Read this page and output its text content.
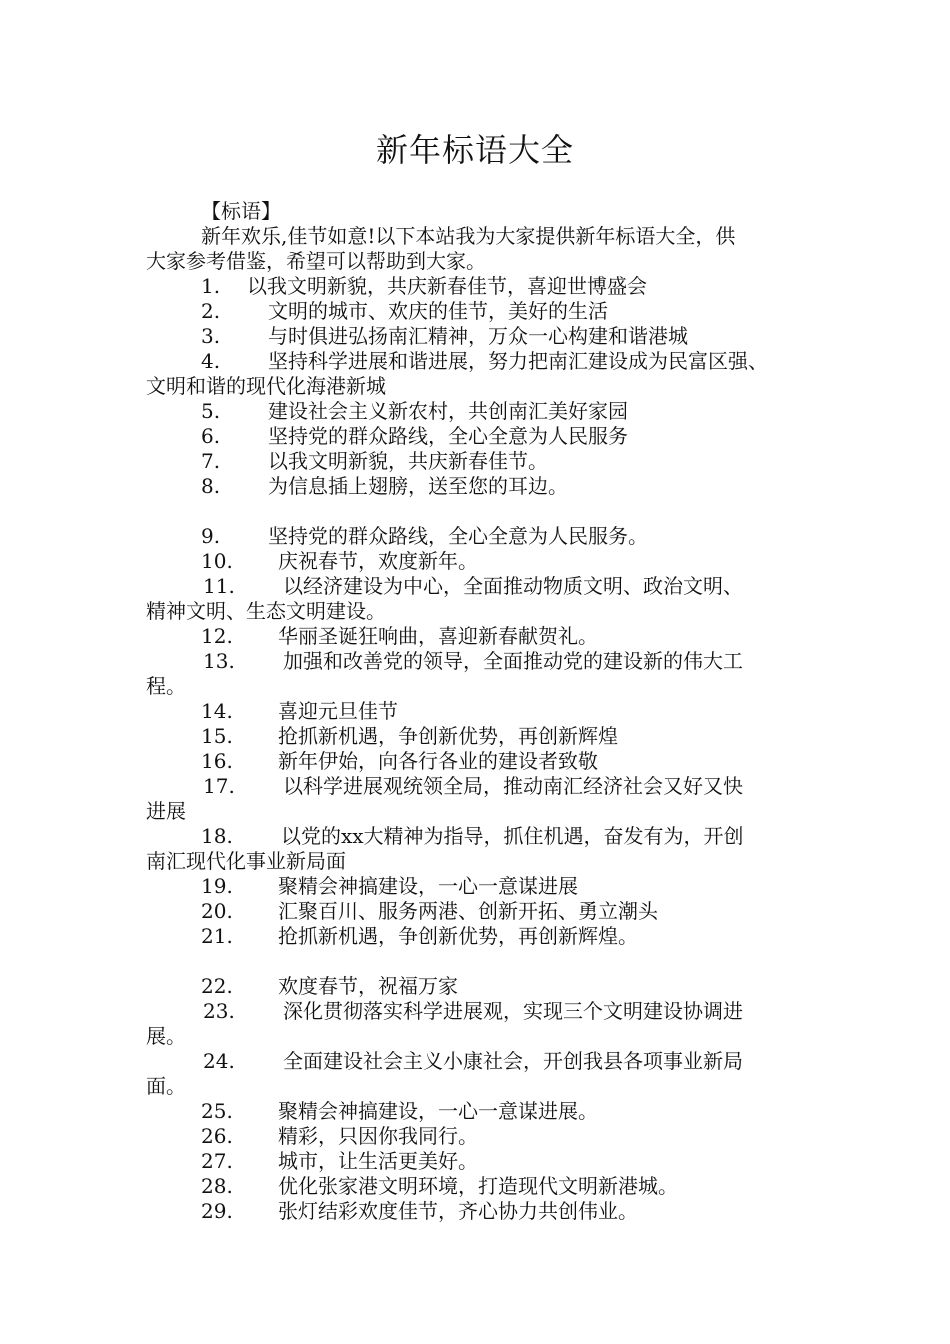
新年标语大全
【标语】
新年欢乐,佳节如意!以下本站我为大家提供新年标语大全，供
大家参考借鉴，希望可以帮助到大家。
1. 以我文明新貌，共庆新春佳节，喜迎世博盛会
2. 文明的城市、欢庆的佳节，美好的生活
3. 与时俱进弘扬南汇精神，万众一心构建和谐港城
4. 坚持科学进展和谐进展，努力把南汇建设成为民富区强、
文明和谐的现代化海港新城
5. 建设社会主义新农村，共创南汇美好家园
6. 坚持党的群众路线，全心全意为人民服务
7. 以我文明新貌，共庆新春佳节。
8. 为信息插上翅膀，送至您的耳边。
9. 坚持党的群众路线，全心全意为人民服务。
10. 庆祝春节，欢度新年。
11. 以经济建设为中心，全面推动物质文明、政治文明、
精神文明、生态文明建设。
12. 华丽圣诞狂响曲，喜迎新春献贺礼。
13. 加强和改善党的领导，全面推动党的建设新的伟大工
程。
14. 喜迎元旦佳节
15. 抢抓新机遇，争创新优势，再创新辉煌
16. 新年伊始，向各行各业的建设者致敬
17. 以科学进展观统领全局，推动南汇经济社会又好又快
进展
18. 以党的xx大精神为指导，抓住机遇，奋发有为，开创
南汇现代化事业新局面
19. 聚精会神搞建设，一心一意谋进展
20. 汇聚百川、服务两港、创新开拓、勇立潮头
21. 抢抓新机遇，争创新优势，再创新辉煌。
22. 欢度春节，祝福万家
23. 深化贯彻落实科学进展观，实现三个文明建设协调进
展。
24. 全面建设社会主义小康社会，开创我县各项事业新局
面。
25. 聚精会神搞建设，一心一意谋进展。
26. 精彩，只因你我同行。
27. 城市，让生活更美好。
28. 优化张家港文明环境，打造现代文明新港城。
29. 张灯结彩欢度佳节，齐心协力共创伟业。
